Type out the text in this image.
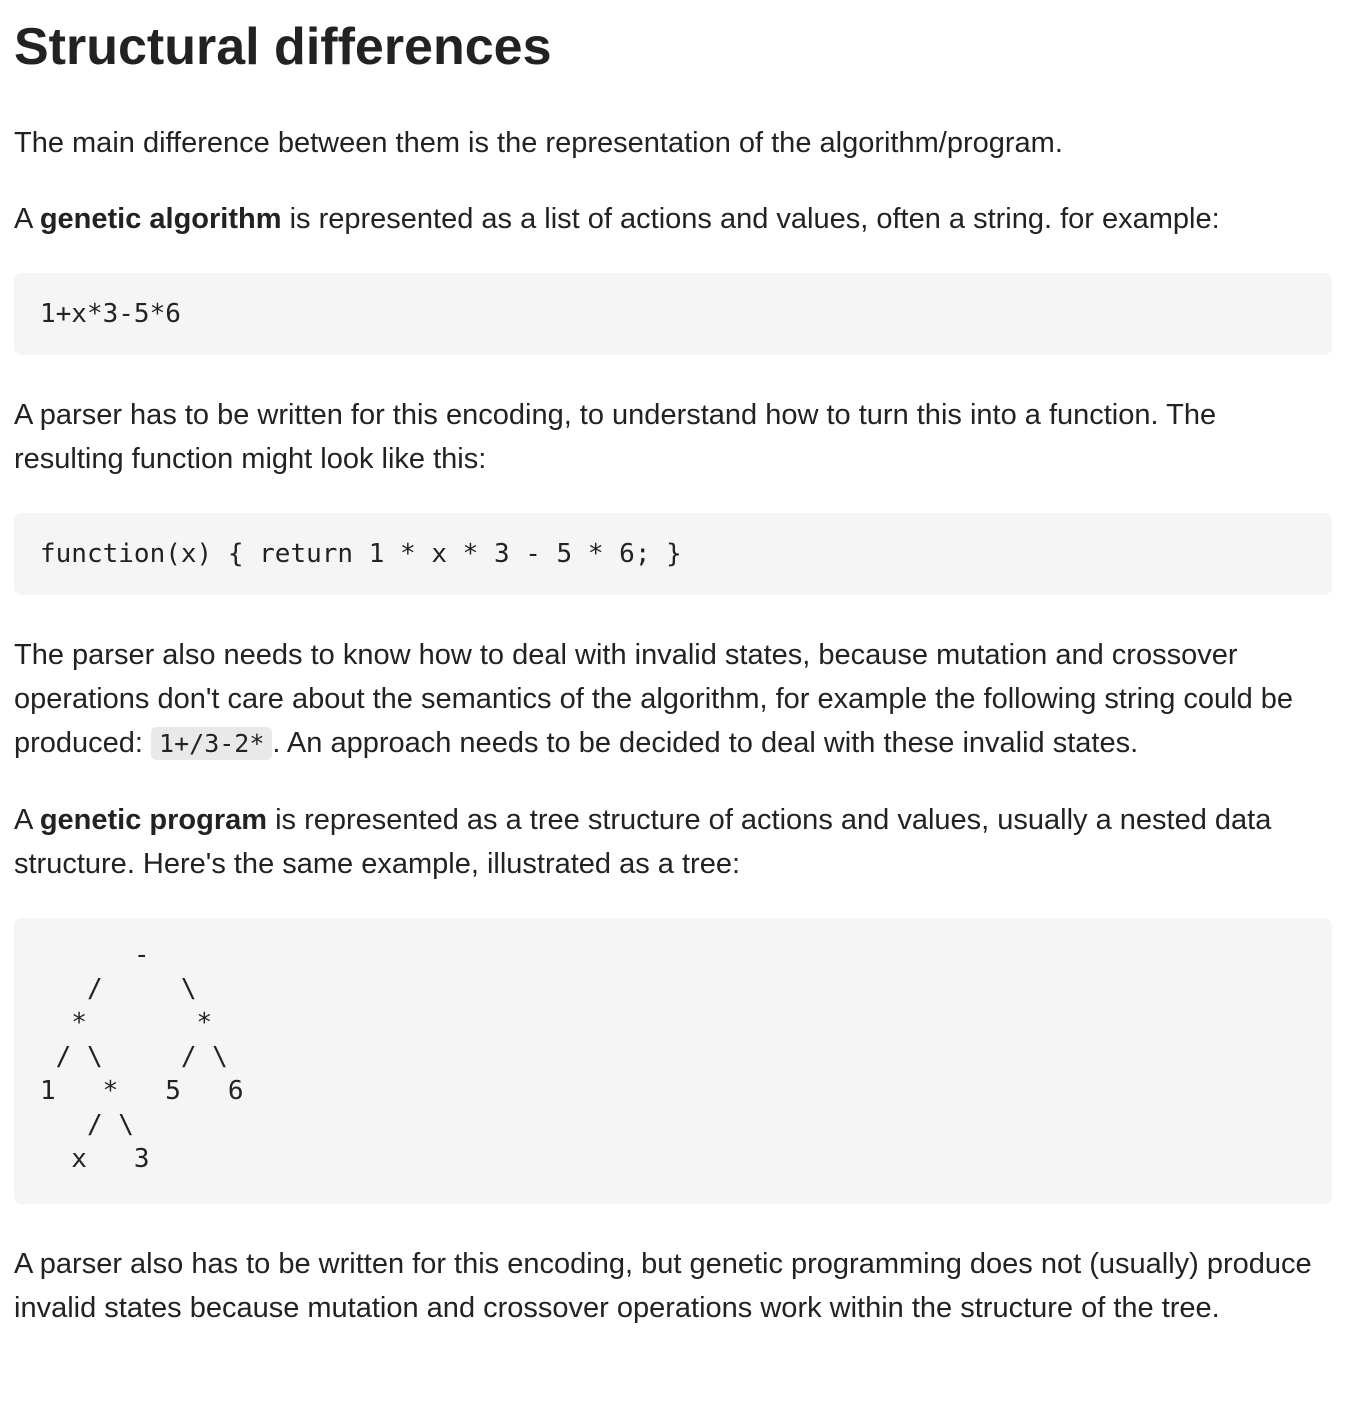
Structural differences

The main difference between them is the representation of the algorithm/program.

A genetic algorithm is represented as a list of actions and values, often a string. for example:

1+x*3-5*6

A parser has to be written for this encoding, to understand how to turn this into a function. The resulting function might look like this:

function(x) { return 1 * x * 3 - 5 * 6; }

The parser also needs to know how to deal with invalid states, because mutation and crossover operations don't care about the semantics of the algorithm, for example the following string could be produced: 1+/3-2* . An approach needs to be decided to deal with these invalid states.

A genetic program is represented as a tree structure of actions and values, usually a nested data structure. Here's the same example, illustrated as a tree:

-
/     \
*       *
/ \     / \
1   *   5   6
/ \
x   3

A parser also has to be written for this encoding, but genetic programming does not (usually) produce invalid states because mutation and crossover operations work within the structure of the tree.
